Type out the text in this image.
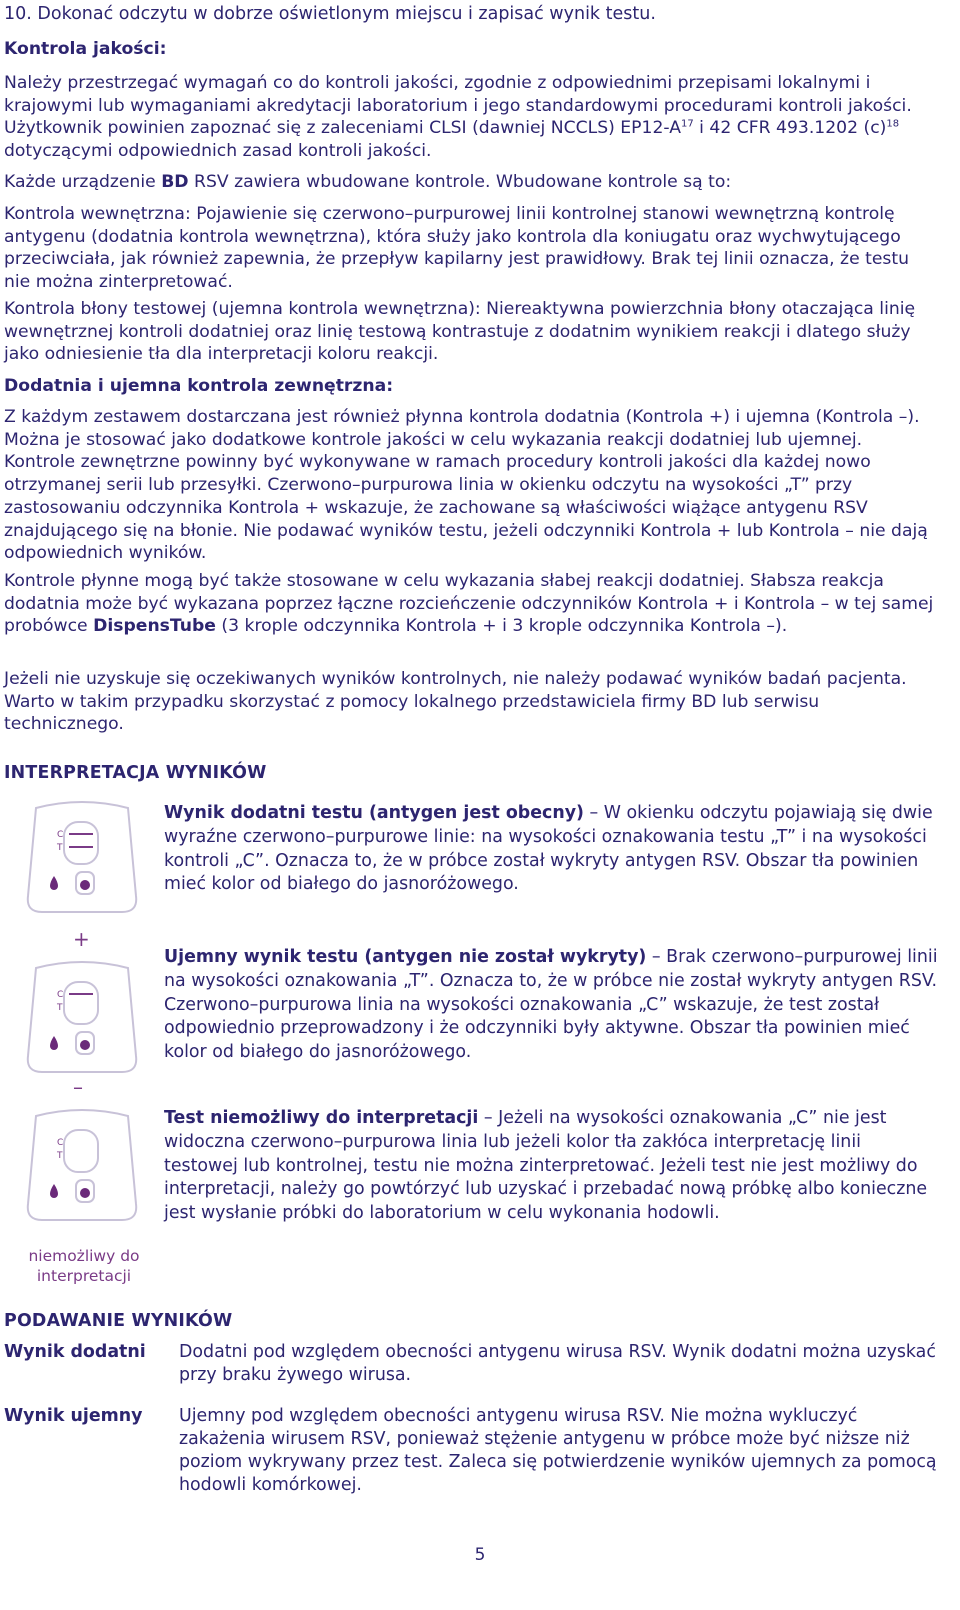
10. Dokonać odczytu w dobrze oświetlonym miejscu i zapisać wynik testu.

Kontrola jakości:

Należy przestrzegać wymagań co do kontroli jakości, zgodnie z odpowiednimi przepisami lokalnymi i krajowymi lub wymaganiami akredytacji laboratorium i jego standardowymi procedurami kontroli jakości. Użytkownik powinien zapoznać się z zaleceniami CLSI (dawniej NCCLS) $EP12-A^{17}$ i 42 CFR 493.1202 $(c)^{18}$ dotyczącymi odpowiednich zasad kontroli jakości.

Każde urządzenie BD RSV zawiera wbudowane kontrole. Wbudowane kontrole są to:

Kontrola wewnętrzna: Pojawienie się czerwono–purpurowej linii kontrolnej stanowi wewnętrzną kontrolę antygenu (dodatnia kontrola wewnętrzna), która służy jako kontrola dla koniugatu oraz wychwytującego przeciwciała, jak również zapewnia, że przepływ kapilarny jest prawidłowy. Brak tej linii oznacza, że testu nie można zinterpretować.

Kontrola błony testowej (ujemna kontrola wewnętrzna): Niereaktywna powierzchnia błony otaczająca linię wewnętrznej kontroli dodatniej oraz linię testową kontrastuje z dodatnim wynikiem reakcji i dlatego służy jako odniesienie tła dla interpretacji koloru reakcji.

Dodatnia i ujemna kontrola zewnętrzna:

Z każdym zestawem dostarczana jest również płynna kontrola dodatnia (Kontrola +) i ujemna (Kontrola –). Można je stosować jako dodatkowe kontrole jakości w celu wykazania reakcji dodatniej lub ujemnej. Kontrole zewnętrzne powinny być wykonywane w ramach procedury kontroli jakości dla każdej nowo otrzymanej serii lub przesyłki. Czerwono–purpurowa linia w okienku odczytu na wysokości „T” przy zastosowaniu odczynnika Kontrola + wskazuje, że zachowane są właściwości wiążące antygenu RSV znajdującego się na błonie. Nie podawać wyników testu, jeżeli odczynniki Kontrola + lub Kontrola – nie dają odpowiednich wyników.

Kontrole płynne mogą być także stosowane w celu wykazania słabej reakcji dodatniej. Słabsza reakcja dodatnia może być wykazana poprzez łączne rozcieńczenie odczynników Kontrola + i Kontrola – w tej samej probówce DispensTube (3 krople odczynnika Kontrola + i 3 krople odczynnika Kontrola –).

Jeżeli nie uzyskuje się oczekiwanych wyników kontrolnych, nie należy podawać wyników badań pacjenta. Warto w takim przypadku skorzystać z pomocy lokalnego przedstawiciela firmy BD lub serwisu technicznego.

INTERPRETACJA WYNIKÓW

C
T
+
C
T
–
C
T
niemożliwy do interpretacji

Wynik dodatni testu (antygen jest obecny) – W okienku odczytu pojawiają się dwie wyraźne czerwono–purpurowe linie: na wysokości oznakowania testu „T” i na wysokości kontroli „C”. Oznacza to, że w próbce został wykryty antygen RSV. Obszar tła powinien mieć kolor od białego do jasnoróżowego.

Ujemny wynik testu (antygen nie został wykryty) – Brak czerwono–purpurowej linii na wysokości oznakowania „T”. Oznacza to, że w próbce nie został wykryty antygen RSV. Czerwono–purpurowa linia na wysokości oznakowania „C” wskazuje, że test został odpowiednio przeprowadzony i że odczynniki były aktywne. Obszar tła powinien mieć kolor od białego do jasnoróżowego.

Test niemożliwy do interpretacji – Jeżeli na wysokości oznakowania „C” nie jest widoczna czerwono–purpurowa linia lub jeżeli kolor tła zakłóca interpretację linii testowej lub kontrolnej, testu nie można zinterpretować. Jeżeli test nie jest możliwy do interpretacji, należy go powtórzyć lub uzyskać i przebadać nową próbkę albo konieczne jest wysłanie próbki do laboratorium w celu wykonania hodowli.

PODAWANIE WYNIKÓW

Wynik dodatni Dodatni pod względem obecności antygenu wirusa RSV. Wynik dodatni można uzyskać przy braku żywego wirusa.
Wynik ujemny Ujemny pod względem obecności antygenu wirusa RSV. Nie można wykluczyć zakażenia wirusem RSV, ponieważ stężenie antygenu w próbce może być niższe niż poziom wykrywany przez test. Zaleca się potwierdzenie wyników ujemnych za pomocą hodowli komórkowej.
5
